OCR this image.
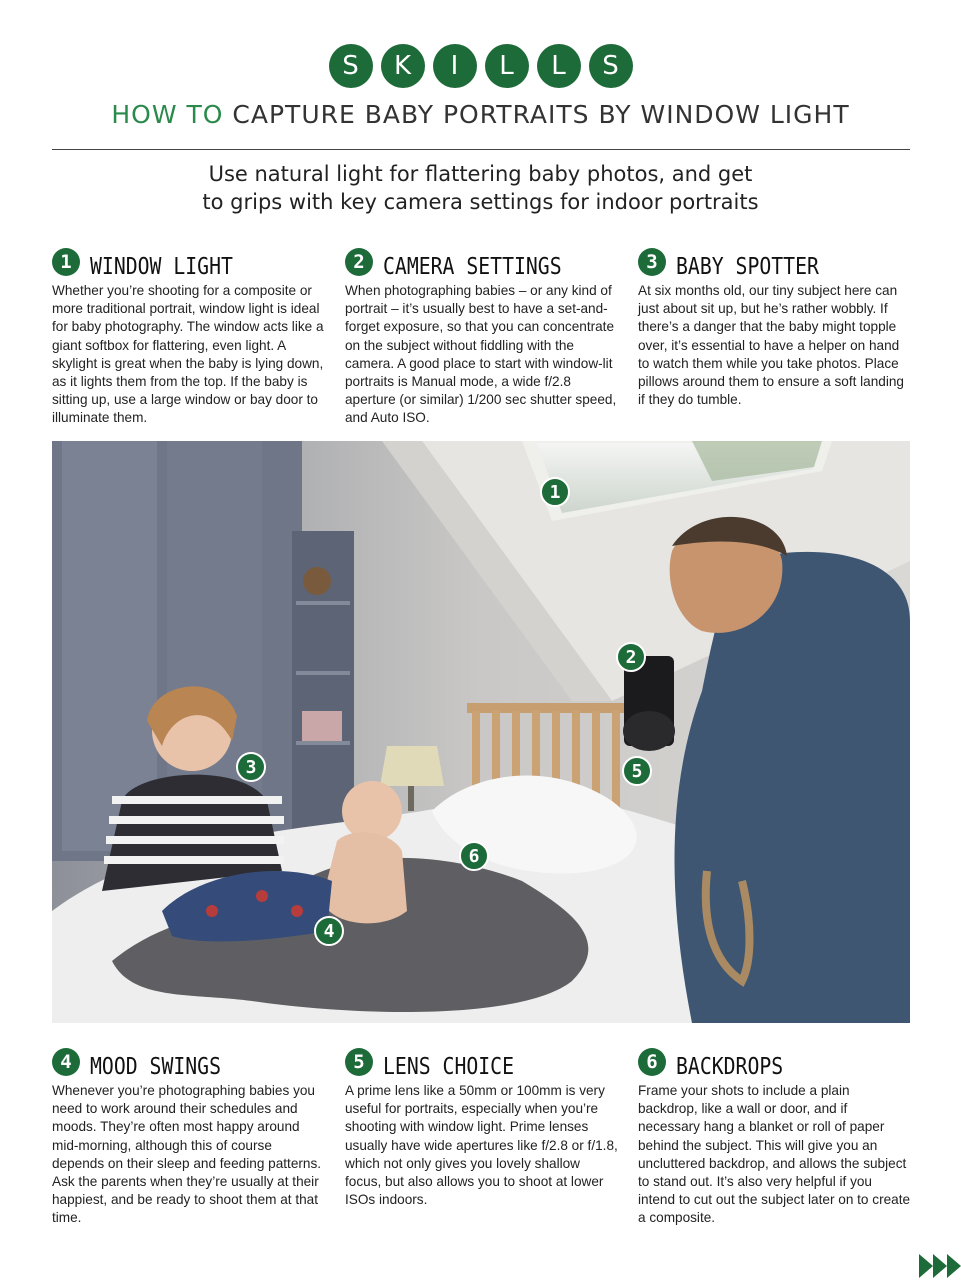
S	K	I	L	L	S
HOW TO CAPTURE BABY PORTRAITS BY WINDOW LIGHT
Use natural light for flattering baby photos, and get
to grips with key camera settings for indoor portraits
1 WINDOW LIGHT
Whether you’re shooting for a composite or more traditional portrait, window light is ideal for baby photography. The window acts like a giant softbox for flattering, even light. A skylight is great when the baby is lying down, as it lights them from the top. If the baby is sitting up, use a large window or bay door to illuminate them.
2 CAMERA SETTINGS
When photographing babies – or any kind of portrait – it’s usually best to have a set-and-forget exposure, so that you can concentrate on the subject without fiddling with the camera. A good place to start with window-lit portraits is Manual mode, a wide f/2.8 aperture (or similar) 1/200 sec shutter speed, and Auto ISO.
3 BABY SPOTTER
At six months old, our tiny subject here can just about sit up, but he’s rather wobbly. If there’s a danger that the baby might topple over, it’s essential to have a helper on hand to watch them while you take photos. Place pillows around them to ensure a soft landing if they do tumble.
1
2
3
4
5
6
4 MOOD SWINGS
Whenever you’re photographing babies you need to work around their schedules and moods. They’re often most happy around mid-morning, although this of course depends on their sleep and feeding patterns. Ask the parents when they’re usually at their happiest, and be ready to shoot them at that time.
5 LENS CHOICE
A prime lens like a 50mm or 100mm is very useful for portraits, especially when you’re shooting with window light. Prime lenses usually have wide apertures like f/2.8 or f/1.8, which not only gives you lovely shallow focus, but also allows you to shoot at lower ISOs indoors.
6 BACKDROPS
Frame your shots to include a plain backdrop, like a wall or door, and if necessary hang a blanket or roll of paper behind the subject. This will give you an uncluttered backdrop, and allows the subject to stand out. It’s also very helpful if you intend to cut out the subject later on to create a composite.
